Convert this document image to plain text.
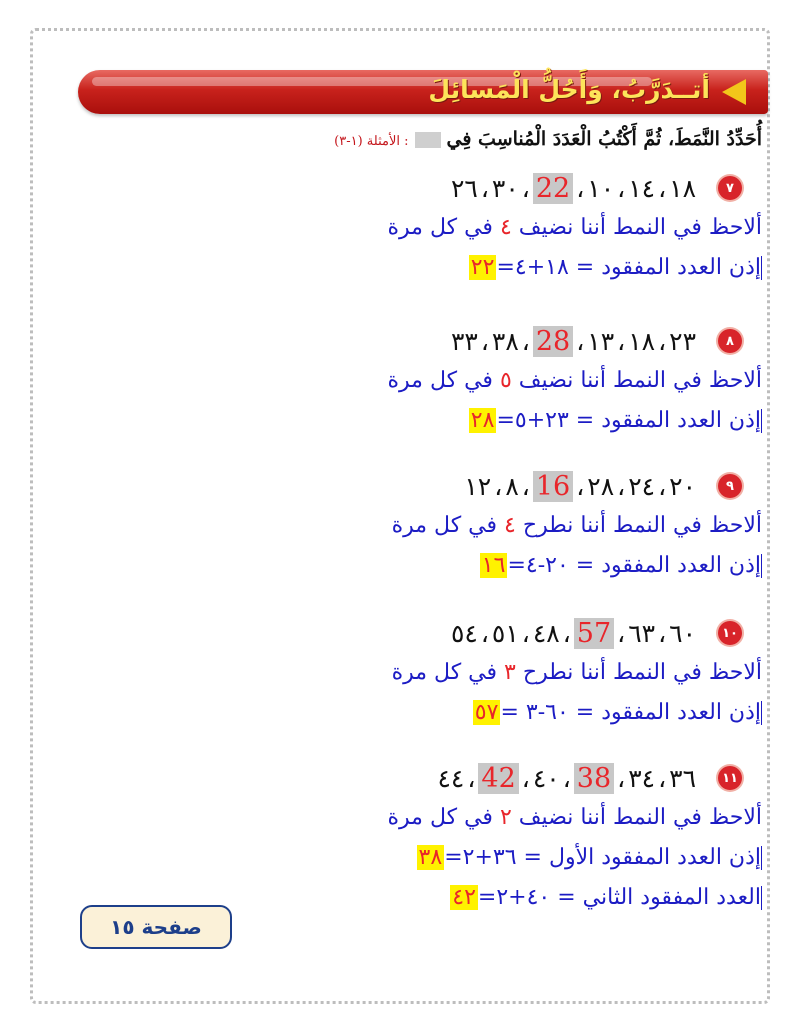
أتــدَرَّبُ، وَأَحُلُّ الْمَسائِلَ
أُحَدِّدُ النَّمَطَ، ثُمَّ أَكْتُبُ الْعَدَدَ الْمُناسِبَ فِي: الأمثلة (١-٣)
٧
١٠ ، ١٤ ، ١٨،22،٢٦ ، ٣٠
ألاحظ في النمط أننا نضيف ٤ في كل مرة
إذن العدد المفقود = ١٨+٤=٢٢
٨
١٣ ، ١٨ ، ٢٣،28،٣٣ ، ٣٨
ألاحظ في النمط أننا نضيف ٥ في كل مرة
إذن العدد المفقود = ٢٣+٥=٢٨
٩
٢٨ ، ٢٤ ، ٢٠،16،١٢ ، ٨
ألاحظ في النمط أننا نطرح ٤ في كل مرة
إذن العدد المفقود = ٢٠-٤=١٦
١٠
٦٣ ، ٦٠،57،٥٤ ، ٥١ ، ٤٨
ألاحظ في النمط أننا نطرح ٣ في كل مرة
إذن العدد المفقود = ٦٠-٣ =٥٧
١١
٣٤ ، ٣٦،38،٤٠،42،٤٤
ألاحظ في النمط أننا نضيف ٢ في كل مرة
إذن العدد المفقود الأول = ٣٦+٢=٣٨
العدد المفقود الثاني = ٤٠+٢=٤٢
صفحة ١٥
